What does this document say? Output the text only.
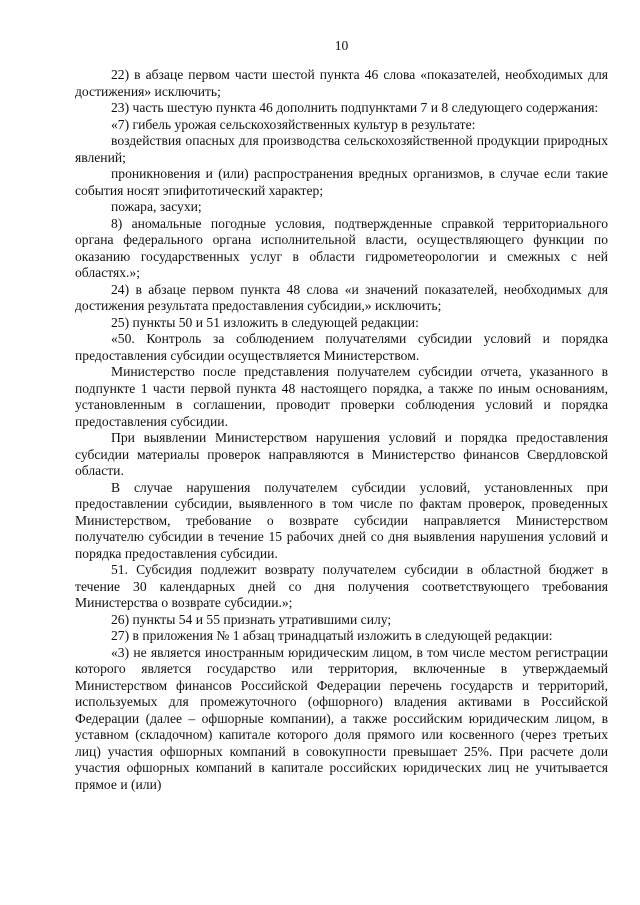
10

22) в абзаце первом части шестой пункта 46 слова «показателей, необходимых для достижения» исключить;

23) часть шестую пункта 46 дополнить подпунктами 7 и 8 следующего содержания:

«7) гибель урожая сельскохозяйственных культур в результате:

воздействия опасных для производства сельскохозяйственной продукции природных явлений;

проникновения и (или) распространения вредных организмов, в случае если такие события носят эпифитотический характер;

пожара, засухи;

8) аномальные погодные условия, подтвержденные справкой территориального органа федерального органа исполнительной власти, осуществляющего функции по оказанию государственных услуг в области гидрометеорологии и смежных с ней областях.»;

24) в абзаце первом пункта 48 слова «и значений показателей, необходимых для достижения результата предоставления субсидии,» исключить;

25) пункты 50 и 51 изложить в следующей редакции:

«50. Контроль за соблюдением получателями субсидии условий и порядка предоставления субсидии осуществляется Министерством.

Министерство после представления получателем субсидии отчета, указанного в подпункте 1 части первой пункта 48 настоящего порядка, а также по иным основаниям, установленным в соглашении, проводит проверки соблюдения условий и порядка предоставления субсидии.

При выявлении Министерством нарушения условий и порядка предоставления субсидии материалы проверок направляются в Министерство финансов Свердловской области.

В случае нарушения получателем субсидии условий, установленных при предоставлении субсидии, выявленного в том числе по фактам проверок, проведенных Министерством, требование о возврате субсидии направляется Министерством получателю субсидии в течение 15 рабочих дней со дня выявления нарушения условий и порядка предоставления субсидии.

51. Субсидия подлежит возврату получателем субсидии в областной бюджет в течение 30 календарных дней со дня получения соответствующего требования Министерства о возврате субсидии.»;

26) пункты 54 и 55 признать утратившими силу;

27) в приложения № 1 абзац тринадцатый изложить в следующей редакции:

«3) не является иностранным юридическим лицом, в том числе местом регистрации которого является государство или территория, включенные в утверждаемый Министерством финансов Российской Федерации перечень государств и территорий, используемых для промежуточного (офшорного) владения активами в Российской Федерации (далее – офшорные компании), а также российским юридическим лицом, в уставном (складочном) капитале которого доля прямого или косвенного (через третьих лиц) участия офшорных компаний в совокупности превышает 25%. При расчете доли участия офшорных компаний в капитале российских юридических лиц не учитывается прямое и (или)
